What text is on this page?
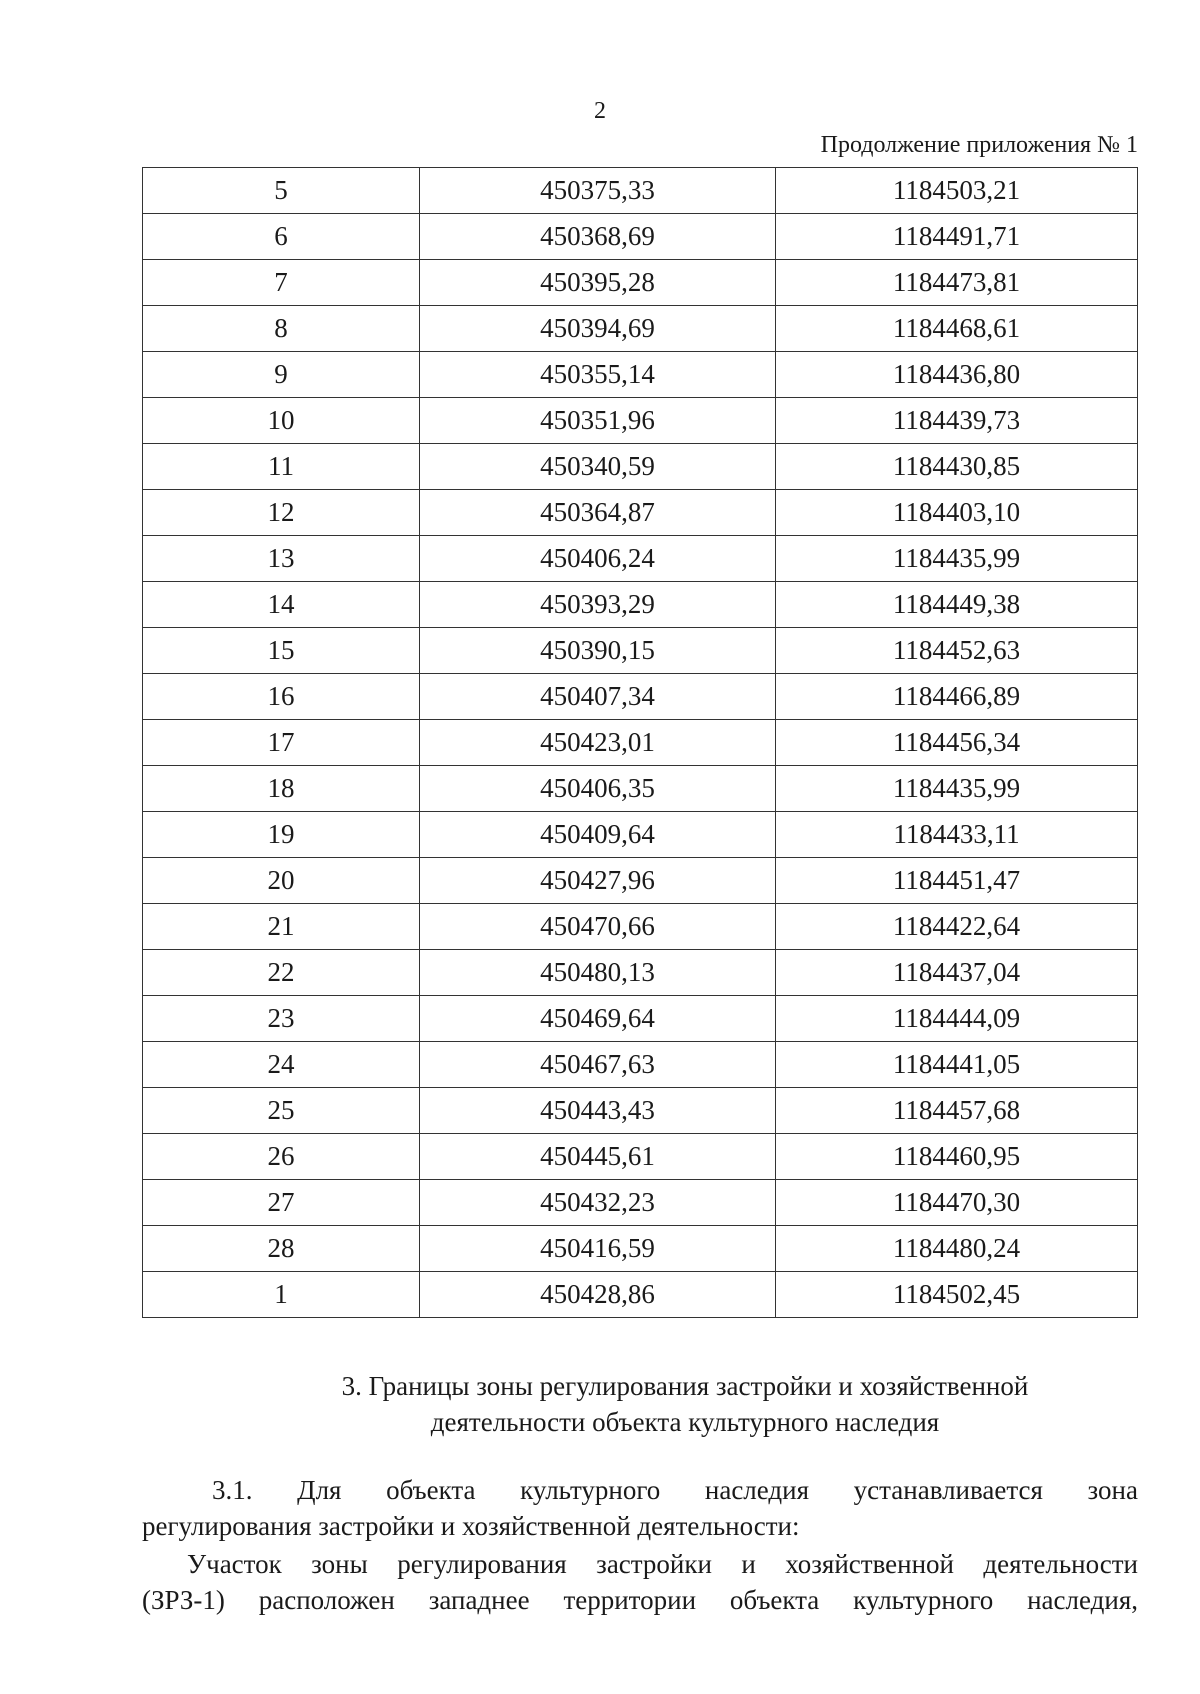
2
Продолжение приложения № 1
5	450375,33	1184503,21
6	450368,69	1184491,71
7	450395,28	1184473,81
8	450394,69	1184468,61
9	450355,14	1184436,80
10	450351,96	1184439,73
11	450340,59	1184430,85
12	450364,87	1184403,10
13	450406,24	1184435,99
14	450393,29	1184449,38
15	450390,15	1184452,63
16	450407,34	1184466,89
17	450423,01	1184456,34
18	450406,35	1184435,99
19	450409,64	1184433,11
20	450427,96	1184451,47
21	450470,66	1184422,64
22	450480,13	1184437,04
23	450469,64	1184444,09
24	450467,63	1184441,05
25	450443,43	1184457,68
26	450445,61	1184460,95
27	450432,23	1184470,30
28	450416,59	1184480,24
1	450428,86	1184502,45
3. Границы зоны регулирования застройки и хозяйственной
деятельности объекта культурного наследия
3.1. Для объекта культурного наследия устанавливается зона
регулирования застройки и хозяйственной деятельности:
Участок зоны регулирования застройки и хозяйственной деятельности
(ЗРЗ-1) расположен западнее территории объекта культурного наследия,
